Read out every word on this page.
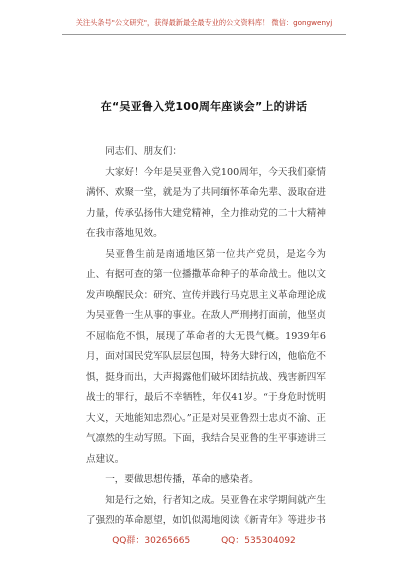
关注头条号"公文研究"，获得最新最全最专业的公文资料库！ 微信：gongwenyj
在“吴亚鲁入党100周年座谈会”上的讲话

同志们、朋友们：

大家好！今年是吴亚鲁入党100周年，今天我们豪情满怀、欢聚一堂，就是为了共同缅怀革命先辈、汲取奋进力量，传承弘扬伟大建党精神，全力推动党的二十大精神在我市落地见效。

吴亚鲁生前是南通地区第一位共产党员，是迄今为止、有据可查的第一位播撒革命种子的革命战士。他以文发声唤醒民众：研究、宣传并践行马克思主义革命理论成为吴亚鲁一生从事的事业。在敌人严刑拷打面前，他坚贞不屈临危不惧，展现了革命者的大无畏气概。1939年6月，面对国民党军队层层包围，特务大肆行凶，他临危不惧，挺身而出，大声揭露他们破坏团结抗战、残害新四军战士的罪行，最后不幸牺牲，年仅41岁。“于身危时恍明大义，天地能知忠烈心。”正是对吴亚鲁烈士忠贞不渝、正气凛然的生动写照。下面，我结合吴亚鲁的生平事迹讲三点建议。

一，要做思想传播，革命的感染者。

知是行之始，行者知之成。吴亚鲁在求学期间就产生了强烈的革命愿望，如饥似渴地阅读《新青年》等进步书

QQ群：30265665	QQ：535304092
